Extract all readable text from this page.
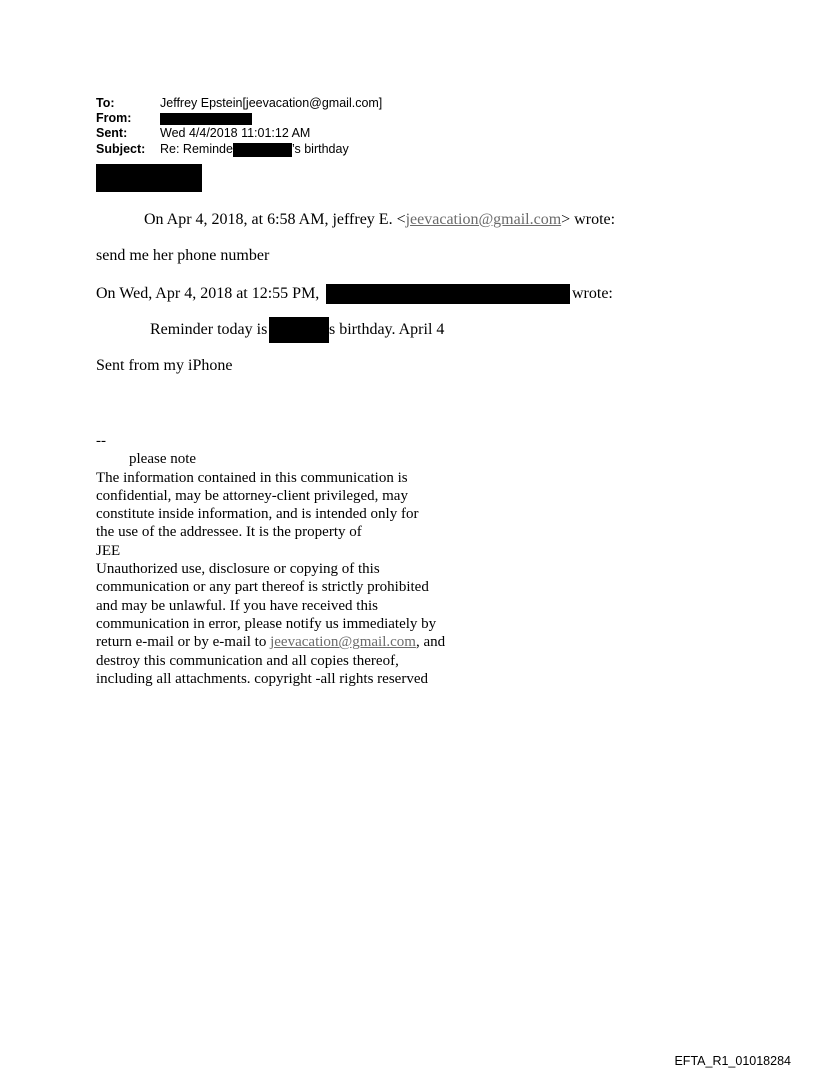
To:	Jeffrey Epstein[jeevacation@gmail.com]
From:
Sent:	Wed 4/4/2018 11:01:12 AM
Subject: Re: Reminde	’s birthday
On Apr 4, 2018, at 6:58 AM, jeffrey E. <jeevacation@gmail.com> wrote:
send me her phone number
On Wed, Apr 4, 2018 at 12:55 PM,	wrote:
Reminder today is	s birthday. April 4
Sent from my iPhone
--
please note
The information contained in this communication is
confidential, may be attorney-client privileged, may
constitute inside information, and is intended only for
the use of the addressee. It is the property of
JEE
Unauthorized use, disclosure or copying of this
communication or any part thereof is strictly prohibited
and may be unlawful. If you have received this
communication in error, please notify us immediately by
return e-mail or by e-mail to jeevacation@gmail.com, and
destroy this communication and all copies thereof,
including all attachments. copyright -all rights reserved
EFTA_R1_01018284
